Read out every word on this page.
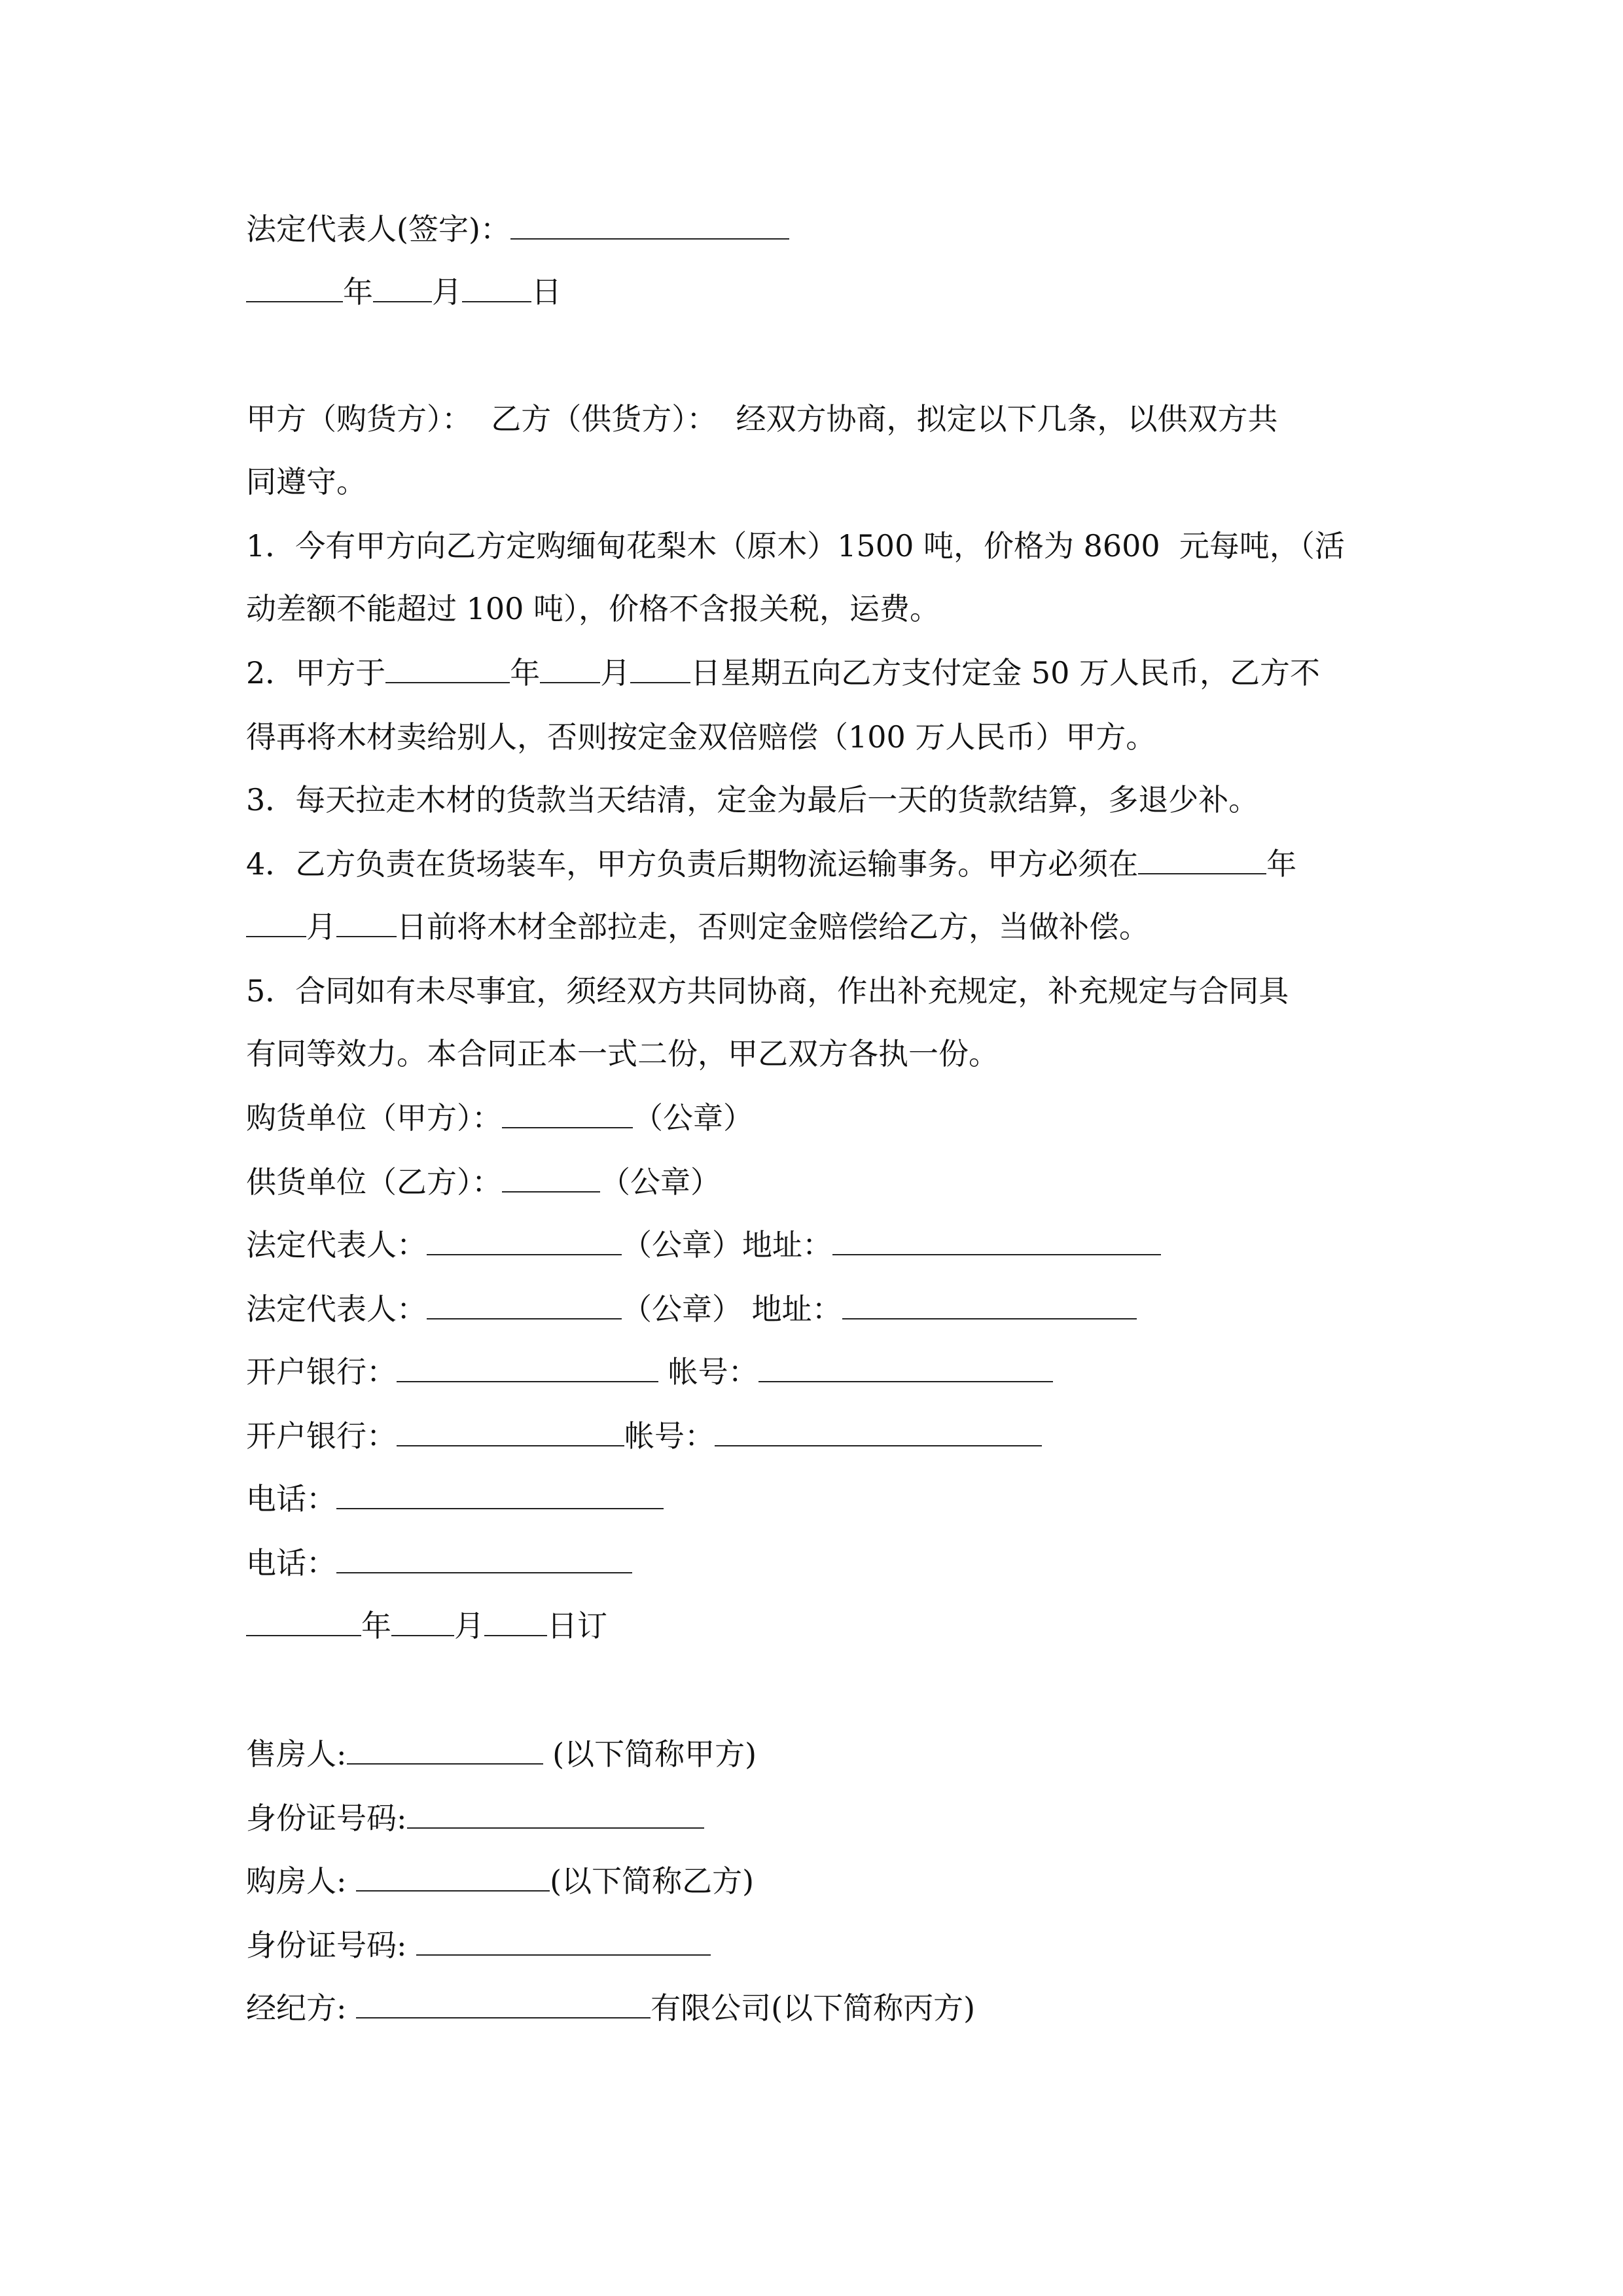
法定代表人(签字)：
年 月 日
甲方（购货方）：  乙方（供货方）：  经双方协商，拟定以下几条，以供双方共
同遵守。
1．今有甲方向乙方定购缅甸花梨木（原木）1500 吨，价格为 8600  元每吨，（活
动差额不能超过 100 吨），价格不含报关税，运费。
2．甲方于	年 月 日星期五向乙方支付定金 50 万人民币，乙方不
得再将木材卖给别人，否则按定金双倍赔偿（100 万人民币）甲方。
3．每天拉走木材的货款当天结清，定金为最后一天的货款结算，多退少补。
4．乙方负责在货场装车，甲方负责后期物流运输事务。甲方必须在	年
月 日前将木材全部拉走，否则定金赔偿给乙方，当做补偿。
5．合同如有未尽事宜，须经双方共同协商，作出补充规定，补充规定与合同具
有同等效力。本合同正本一式二份，甲乙双方各执一份。
购货单位（甲方）：	（公章）
供货单位（乙方）：	（公章）
法定代表人：	（公章）地址：
法定代表人：	（公章） 地址：
开户银行：	帐号：
开户银行：	帐号：
电话：
电话：
年 月 日订
售房人:	(以下简称甲方)
身份证号码:
购房人:	(以下简称乙方)
身份证号码:
经纪方:	有限公司(以下简称丙方)
